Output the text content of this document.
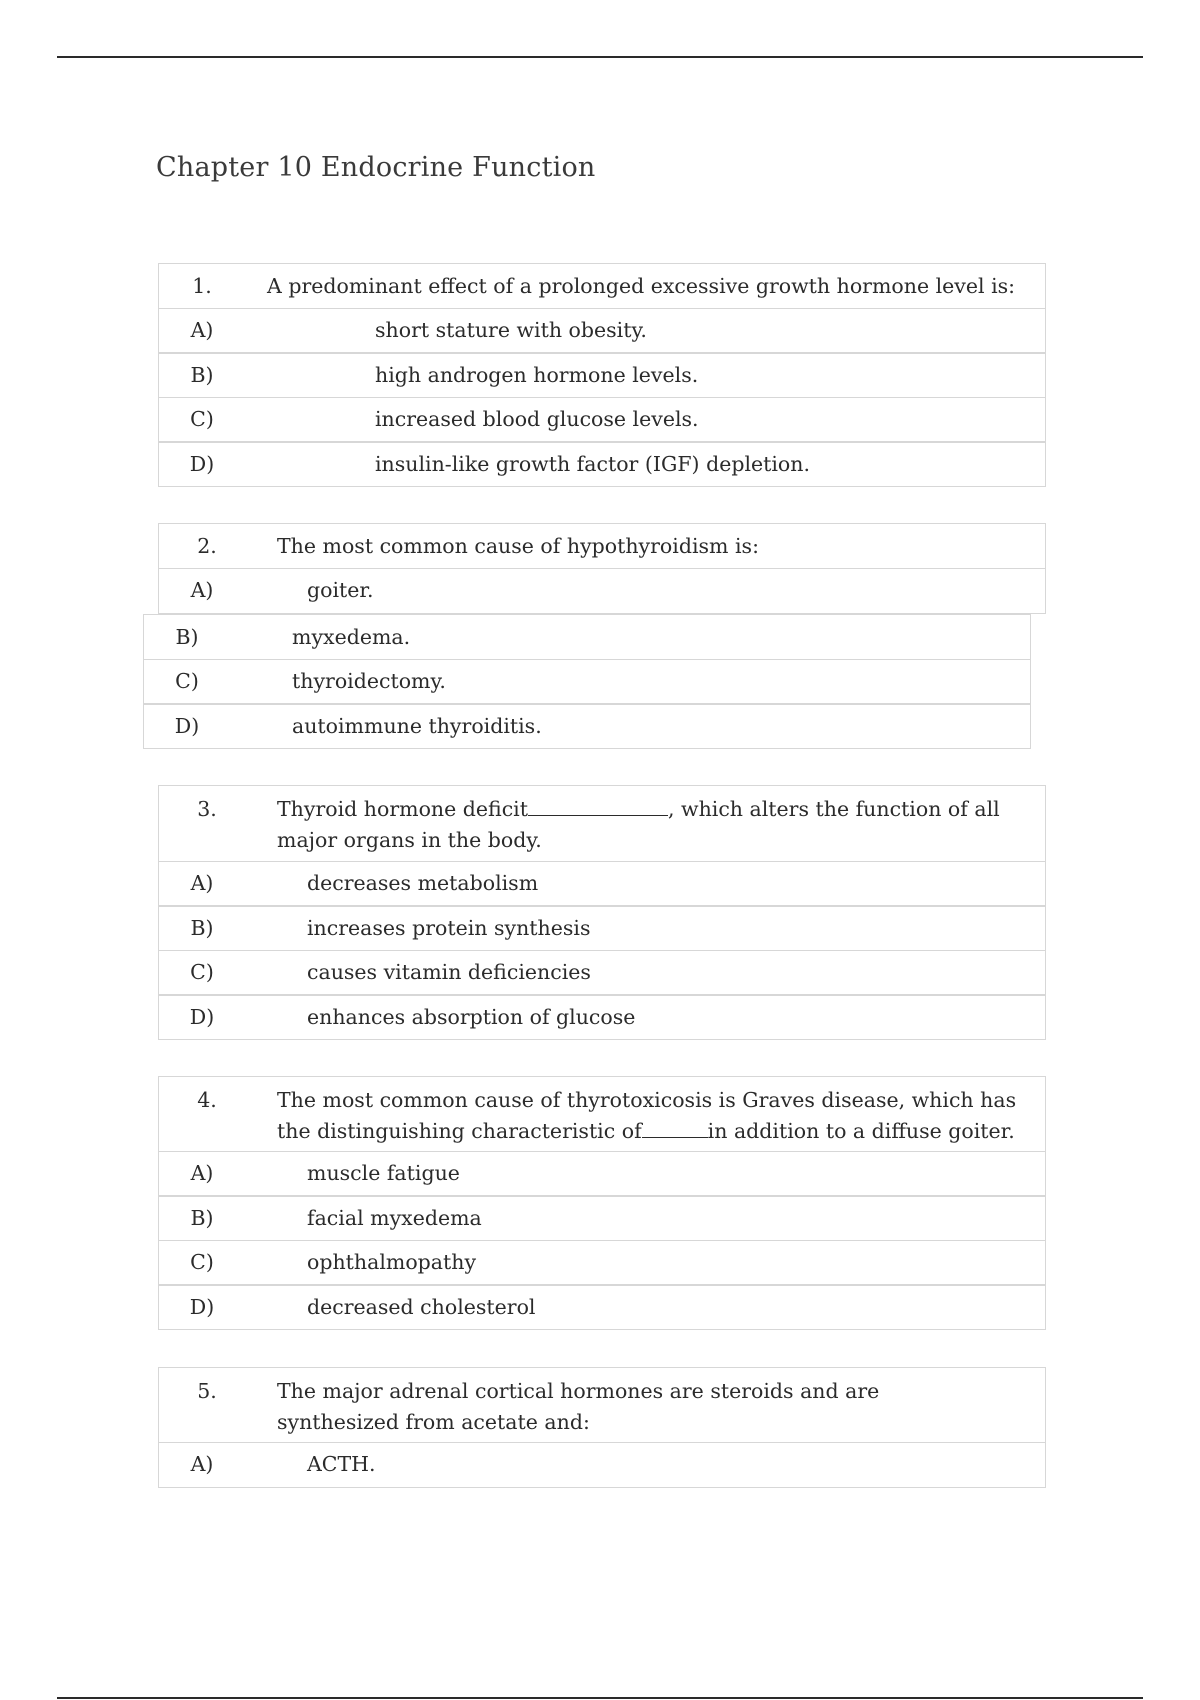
Chapter 10 Endocrine Function
1.	A predominant effect of a prolonged excessive growth hormone level is:
A)	short stature with obesity.
B)	high androgen hormone levels.
C)	increased blood glucose levels.
D)	insulin-like growth factor (IGF) depletion.
2.	The most common cause of hypothyroidism is:
A)	goiter.
B)	myxedema.
C)	thyroidectomy.
D)	autoimmune thyroiditis.
3.	Thyroid hormone deficit	, which alters the function of all major organs in the body.
A)	decreases metabolism
B)	increases protein synthesis
C)	causes vitamin deficiencies
D)	enhances absorption of glucose
4.	The most common cause of thyrotoxicosis is Graves disease, which has the distinguishing characteristic of	in addition to a diffuse goiter.
A)	muscle fatigue
B)	facial myxedema
C)	ophthalmopathy
D)	decreased cholesterol
5.	The major adrenal cortical hormones are steroids and are synthesized from acetate and:
A)	ACTH.
